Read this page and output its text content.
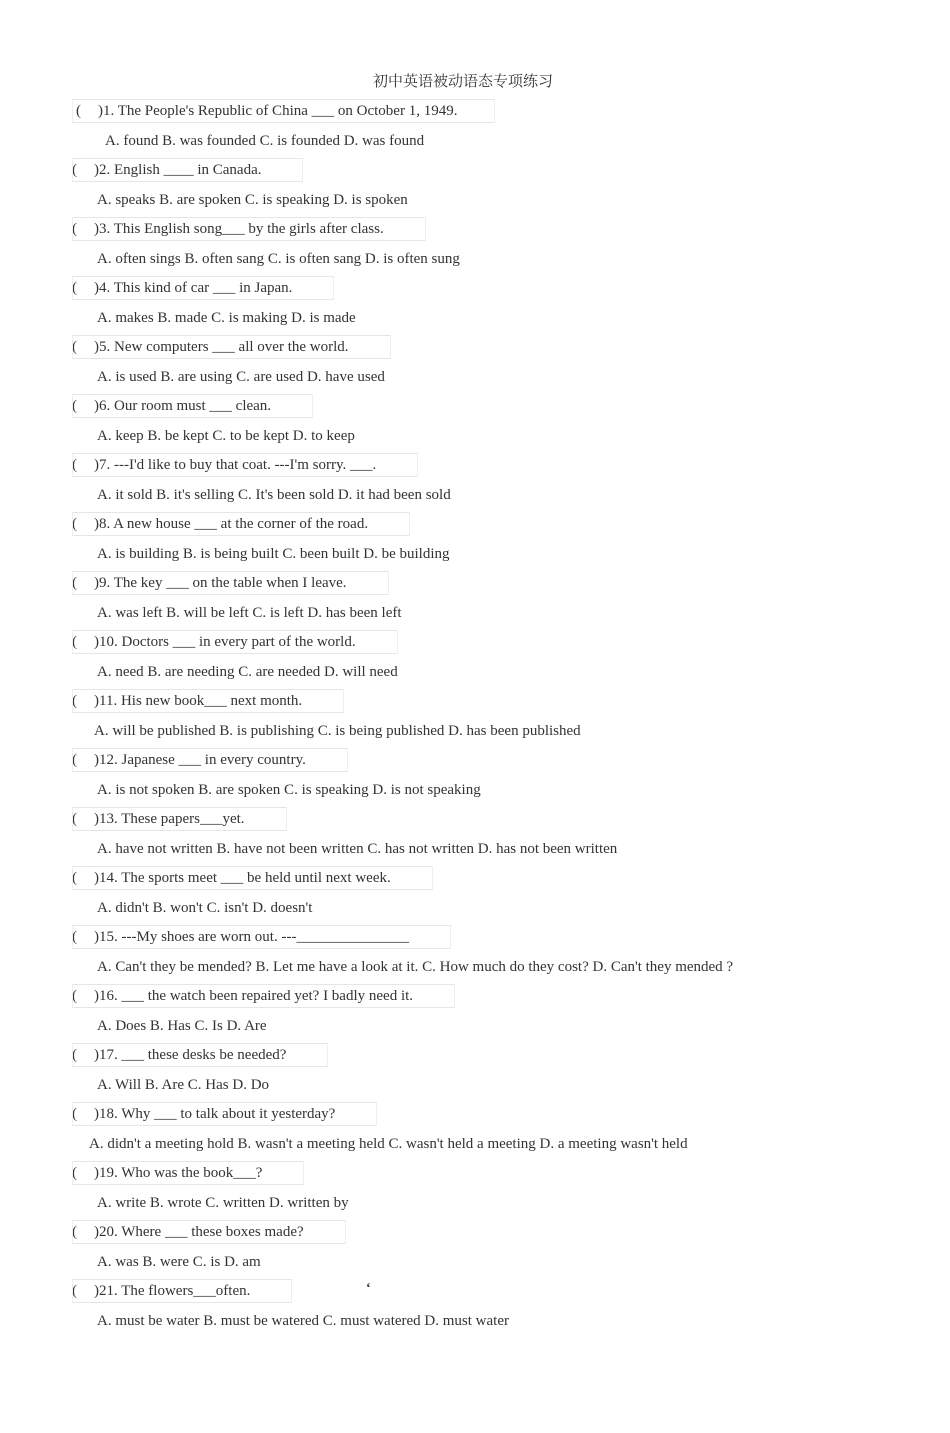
初中英语被动语态专项练习
( )1. The People's Republic of China ___ on October 1, 1949.
A. found B. was founded C. is founded D. was found
( )2. English ____ in Canada.
A. speaks B. are spoken C. is speaking D. is spoken
( )3. This English song___ by the girls after class.
A. often sings B. often sang C. is often sang D. is often sung
( )4. This kind of car ___ in Japan.
A. makes B. made C. is making D. is made
( )5. New computers ___ all over the world.
A. is used B. are using C. are used D. have used
( )6. Our room must ___ clean.
A. keep B. be kept C. to be kept D. to keep
( )7. ---I'd like to buy that coat. ---I'm sorry. ___.
A. it sold B. it's selling C. It's been sold D. it had been sold
( )8. A new house ___ at the corner of the road.
A. is building B. is being built C. been built D. be building
( )9. The key ___ on the table when I leave.
A. was left B. will be left C. is left D. has been left
( )10. Doctors ___ in every part of the world.
A. need B. are needing C. are needed D. will need
( )11. His new book___ next month.
A. will be published B. is publishing C. is being published D. has been published
( )12. Japanese ___ in every country.
A. is not spoken B. are spoken C. is speaking D. is not speaking
( )13. These papers___yet.
A. have not written B. have not been written C. has not written D. has not been written
( )14. The sports meet ___ be held until next week.
A. didn't B. won't C. isn't D. doesn't
( )15. ---My shoes are worn out. ---_______________
A. Can't they be mended? B. Let me have a look at it. C. How much do they cost? D. Can't they mended ?
( )16. ___ the watch been repaired yet? I badly need it.
A. Does B. Has C. Is D. Are
( )17. ___ these desks be needed?
A. Will B. Are C. Has D. Do
( )18. Why ___ to talk about it yesterday?
A. didn't a meeting hold B. wasn't a meeting held C. wasn't held a meeting D. a meeting wasn't held
( )19. Who was the book___?
A. write B. wrote C. written D. written by
( )20. Where ___ these boxes made?
A. was B. were C. is D. am
( )21. The flowers___often.
A. must be water B. must be watered C. must watered D. must water
‘
